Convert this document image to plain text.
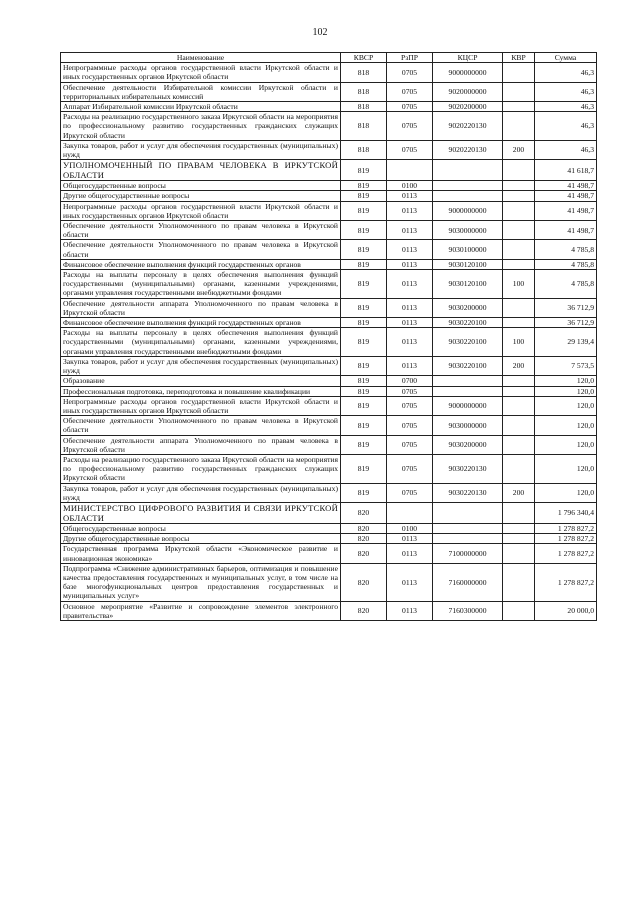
102
Наименование	КВСР	РзПР	КЦСР	КВР	Сумма
Непрограммные расходы органов государственной власти Иркутской области и иных государственных органов Иркутской области	818	0705	9000000000		46,3
Обеспечение деятельности Избирательной комиссии Иркутской области и территориальных избирательных комиссий	818	0705	9020000000		46,3
Аппарат Избирательной комиссии Иркутской области	818	0705	9020200000		46,3
Расходы на реализацию государственного заказа Иркутской области на мероприятия по профессиональному развитию государственных гражданских служащих Иркутской области	818	0705	9020220130		46,3
Закупка товаров, работ и услуг для обеспечения государственных (муниципальных) нужд	818	0705	9020220130	200	46,3
УПОЛНОМОЧЕННЫЙ ПО ПРАВАМ ЧЕЛОВЕКА В ИРКУТСКОЙ ОБЛАСТИ	819				41 618,7
Общегосударственные вопросы	819	0100			41 498,7
Другие общегосударственные вопросы	819	0113			41 498,7
Непрограммные расходы органов государственной власти Иркутской области и иных государственных органов Иркутской области	819	0113	9000000000		41 498,7
Обеспечение деятельности Уполномоченного по правам человека в Иркутской области	819	0113	9030000000		41 498,7
Обеспечение деятельности Уполномоченного по правам человека в Иркутской области	819	0113	9030100000		4 785,8
Финансовое обеспечение выполнения функций государственных органов	819	0113	9030120100		4 785,8
Расходы на выплаты персоналу в целях обеспечения выполнения функций государственными (муниципальными) органами, казенными учреждениями, органами управления государственными внебюджетными фондами	819	0113	9030120100	100	4 785,8
Обеспечение деятельности аппарата Уполномоченного по правам человека в Иркутской области	819	0113	9030200000		36 712,9
Финансовое обеспечение выполнения функций государственных органов	819	0113	9030220100		36 712,9
Расходы на выплаты персоналу в целях обеспечения выполнения функций государственными (муниципальными) органами, казенными учреждениями, органами управления государственными внебюджетными фондами	819	0113	9030220100	100	29 139,4
Закупка товаров, работ и услуг для обеспечения государственных (муниципальных) нужд	819	0113	9030220100	200	7 573,5
Образование	819	0700			120,0
Профессиональная подготовка, переподготовка и повышение квалификации	819	0705			120,0
Непрограммные расходы органов государственной власти Иркутской области и иных государственных органов Иркутской области	819	0705	9000000000		120,0
Обеспечение деятельности Уполномоченного по правам человека в Иркутской области	819	0705	9030000000		120,0
Обеспечение деятельности аппарата Уполномоченного по правам человека в Иркутской области	819	0705	9030200000		120,0
Расходы на реализацию государственного заказа Иркутской области на мероприятия по профессиональному развитию государственных гражданских служащих Иркутской области	819	0705	9030220130		120,0
Закупка товаров, работ и услуг для обеспечения государственных (муниципальных) нужд	819	0705	9030220130	200	120,0
МИНИСТЕРСТВО ЦИФРОВОГО РАЗВИТИЯ И СВЯЗИ ИРКУТСКОЙ ОБЛАСТИ	820				1 796 340,4
Общегосударственные вопросы	820	0100			1 278 827,2
Другие общегосударственные вопросы	820	0113			1 278 827,2
Государственная программа Иркутской области «Экономическое развитие и инновационная экономика»	820	0113	7100000000		1 278 827,2
Подпрограмма «Снижение административных барьеров, оптимизация и повышение качества предоставления государственных и муниципальных услуг, в том числе на базе многофункциональных центров предоставления государственных и муниципальных услуг»	820	0113	7160000000		1 278 827,2
Основное мероприятие «Развитие и сопровождение элементов электронного правительства»	820	0113	7160300000		20 000,0
